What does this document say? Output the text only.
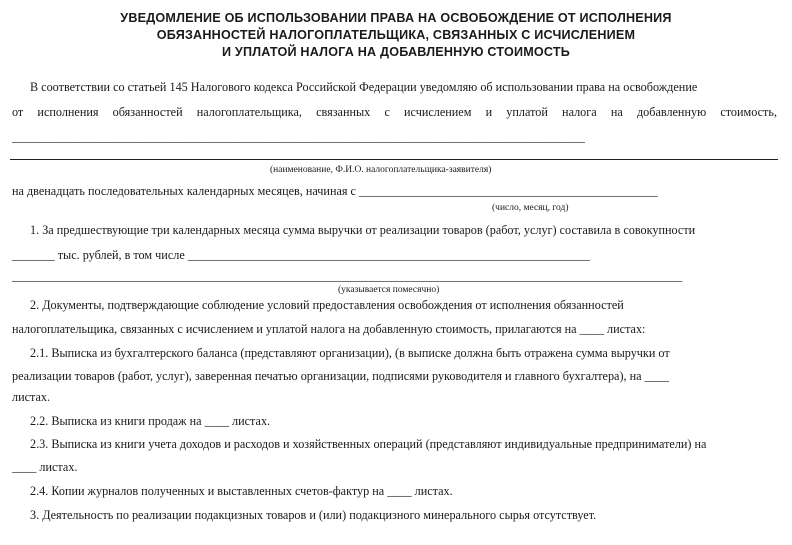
УВЕДОМЛЕНИЕ ОБ ИСПОЛЬЗОВАНИИ ПРАВА НА ОСВОБОЖДЕНИЕ ОТ ИСПОЛНЕНИЯ
ОБЯЗАННОСТЕЙ НАЛОГОПЛАТЕЛЬЩИКА, СВЯЗАННЫХ С ИСЧИСЛЕНИЕМ
И УПЛАТОЙ НАЛОГА НА ДОБАВЛЕННУЮ СТОИМОСТЬ
В соответствии со статьей 145 Налогового кодекса Российской Федерации уведомляю об использовании права на освобождение
от исполнения обязанностей налогоплательщика, связанных с исчислением и уплатой налога на добавленную стоимость,
______________________________________________________________________________________________
(наименование, Ф.И.О. налогоплательщика-заявителя)
на двенадцать последовательных календарных месяцев, начиная с _________________________________________________
(число, месяц, год)
1. За предшествующие три календарных месяца сумма выручки от реализации товаров (работ, услуг) составила в совокупности
_______ тыс. рублей, в том числе __________________________________________________________________
______________________________________________________________________________________________________________
(указывается помесячно)
2. Документы, подтверждающие соблюдение условий предоставления освобождения от исполнения обязанностей
налогоплательщика, связанных с исчислением и уплатой налога на добавленную стоимость, прилагаются на ____ листах:
2.1. Выписка из бухгалтерского баланса (представляют организации), (в выписке должна быть отражена сумма выручки от
реализации товаров (работ, услуг), заверенная печатью организации, подписями руководителя и главного бухгалтера), на ____
листах.
2.2. Выписка из книги продаж на ____ листах.
2.3. Выписка из книги учета доходов и расходов и хозяйственных операций (представляют индивидуальные предприниматели) на
____ листах.
2.4. Копии журналов полученных и выставленных счетов-фактур на ____ листах.
3. Деятельность по реализации подакцизных товаров и (или) подакцизного минерального сырья отсутствует.
